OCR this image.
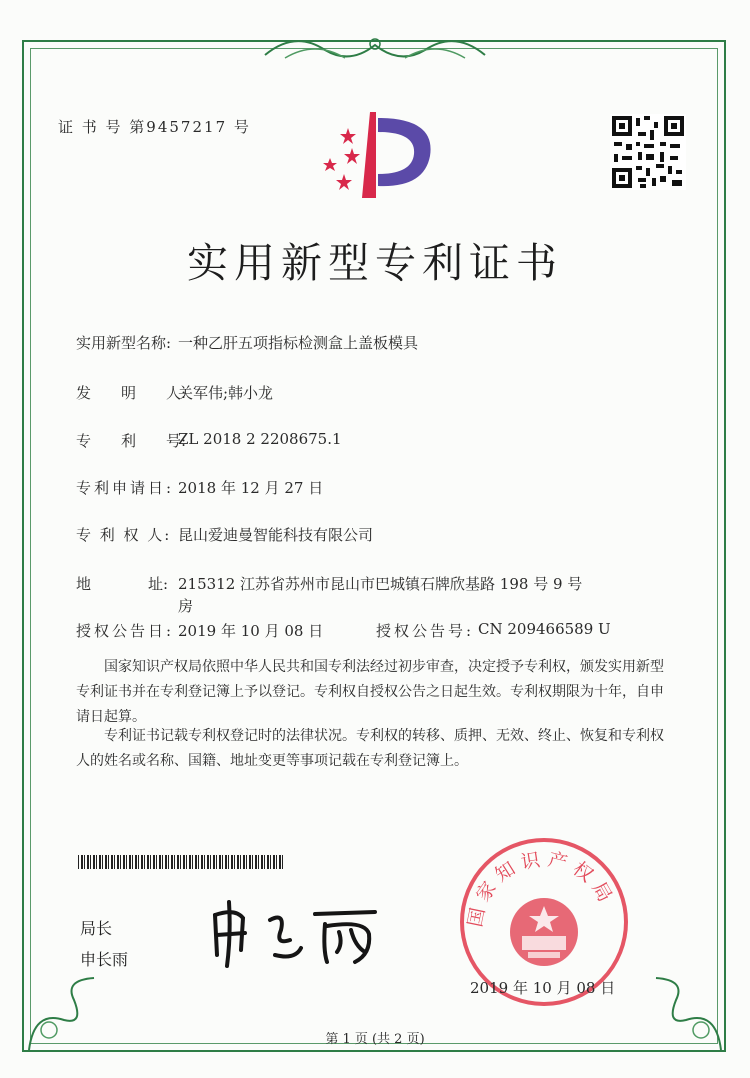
证 书 号 第9457217 号
实用新型专利证书
实用新型名称: 一种乙肝五项指标检测盒上盖板模具
发　　明　　人:
关军伟;韩小龙
专　　利　　号:
ZL 2018 2 2208675.1
专利申请日: 2018 年 12 月 27 日
专 利 权 人: 昆山爱迪曼智能科技有限公司
地	址: 215312 江苏省苏州市昆山市巴城镇石牌欣基路 198 号 9 号
房
授权公告日: 2019 年 10 月 08 日	授权公告号: CN 209466589 U
国家知识产权局依照中华人民共和国专利法经过初步审查，决定授予专利权，颁发实用新型专利证书并在专利登记簿上予以登记。专利权自授权公告之日起生效。专利权期限为十年，自申请日起算。
专利证书记载专利权登记时的法律状况。专利权的转移、质押、无效、终止、恢复和专利权人的姓名或名称、国籍、地址变更等事项记载在专利登记簿上。
局长
申长雨
国家知识产权局
2019 年 10 月 08 日
第 1 页 (共 2 页)
